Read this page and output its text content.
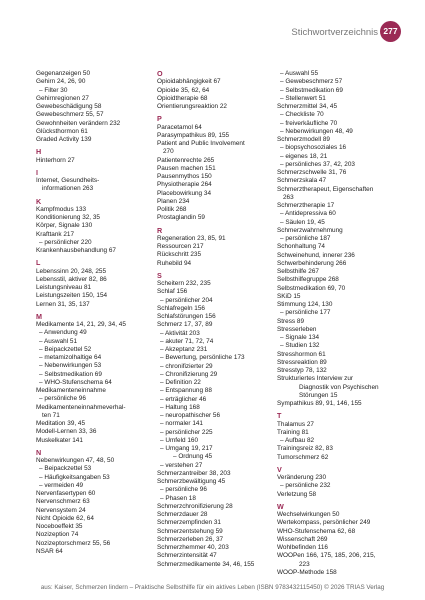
Stichwortverzeichnis 277
Gegenanzeigen 50
Gehirn 24, 26, 90
– Filter 30
Gehirnregionen 27
Gewebeschädigung 58
Gewebeschmerz 55, 57
Gewohnheiten verändern 232
Glücksthormon 61
Graded Activity 139
H
Hinterhorn 27
I
Internet, Gesundheits-
informationen 263
K
Kampfmodus 133
Konditionierung 32, 35
Körper, Signale 130
Krafttank 217
– persönlicher 220
Krankenhausbehandlung 67
L
Lebenssinn 20, 248, 255
Lebensstil, aktiver 82, 86
Leistungsniveau 81
Leistungszeiten 150, 154
Lernen 31, 35, 137
M
Medikamente 14, 21, 29, 34, 45
– Anwendung 49
– Auswahl 51
– Beipackzettel 52
– metamizolhaltige 64
– Nebenwirkungen 53
– Selbstmedikation 69
– WHO-Stufenschema 64
Medikamenteneinnahme
– persönliche 96
Medikamenteneinnahmeverhal-
ten 71
Meditation 39, 45
Modell-Lernen 33, 36
Muskelkater 141
N
Nebenwirkungen 47, 48, 50
– Beipackzettel 53
– Häufigkeitsangaben 53
– vermeiden 49
Nervenfasertypen 60
Nervenschmerz 63
Nervensystem 24
Nicht Opioide 62, 64
Noceboeffekt 35
Nozizeption 74
Nozizeptorschmerz 55, 56
NSAR 64
O
Opioidabhängigkeit 67
Opioide 35, 62, 64
Opioidtherapie 68
Orientierungsreaktion 22
P
Paracetamol 64
Parasympathikus 89, 155
Patient and Public Involvement
270
Patientenrechte 265
Pausen machen 151
Pausenmythos 150
Physiotherapie 264
Placebowirkung 34
Planen 234
Politik 268
Prostaglandin 59
R
Regeneration 23, 85, 91
Ressourcen 217
Rückschritt 235
Ruhebild 94
S
Scheitern 232, 235
Schlaf 156
– persönlicher 204
Schlafregeln 156
Schlafstörungen 156
Schmerz 17, 37, 89
– Aktivität 203
– akuter 71, 72, 74
– Akzeptanz 231
– Bewertung, persönliche 173
– chronifizierter 29
– Chronifizierung 29
– Definition 22
– Entspannung 88
– erträglicher 46
– Haltung 168
– neuropathischer 56
– normaler 141
– persönlicher 225
– Umfeld 160
– Umgang 19, 217
– Ordnung 45
– verstehen 27
Schmerzantreiber 38, 203
Schmerzbewältigung 45
– persönliche 96
– Phasen 18
Schmerzchronifizierung 28
Schmerzdauer 28
Schmerzempfinden 31
Schmerzentstehung 59
Schmerzerleben 26, 37
Schmerzhemmer 40, 203
Schmerzintensität 47
Schmerzmedikamente 34, 46, 155
– Auswahl 55
– Gewebeschmerz 57
– Selbstmedikation 69
– Stellenwert 51
Schmerzmittel 34, 45
– Checkliste 70
– freiverkäufliche 70
– Nebenwirkungen 48, 49
Schmerzmodell 89
– biopsychosoziales 16
– eigenes 18, 21
– persönliches 37, 42, 203
Schmerzschwelle 31, 76
Schmerzskala 47
Schmerztherapeut, Eigenschaften
263
Schmerztherapie 17
– Antidepressiva 60
– Säulen 19, 45
Schmerzwahrnehmung
– persönliche 187
Schonhaltung 74
Schweinehund, innerer 236
Schwerbehinderung 266
Selbsthilfe 267
Selbsthilfegruppe 268
Selbstmedikation 69, 70
SKiD 15
Stimmung 124, 130
– persönliche 177
Stress 89
Stresserleben
– Signale 134
– Studien 132
Stresshormon 61
Stressreaktion 89
Stresstyp 78, 132
Strukturiertes Interview zur
Diagnostik von Psychischen
Störungen 15
Sympathikus 89, 91, 146, 155
T
Thalamus 27
Training 81
– Aufbau 82
Trainingsreiz 82, 83
Tumorschmerz 62
V
Veränderung 230
– persönliche 232
Verletzung 58
W
Wechselwirkungen 50
Wertekompass, persönlicher 249
WHO-Stufenschema 62, 68
Wissenschaft 269
Wohlbefinden 116
WOOPen 166, 175, 185, 206, 215,
223
WOOP-Methode 158
aus: Kaiser, Schmerzen lindern – Praktische Selbsthilfe für ein aktives Leben (ISBN 9783432115450) © 2026 TRIAS Verlag
